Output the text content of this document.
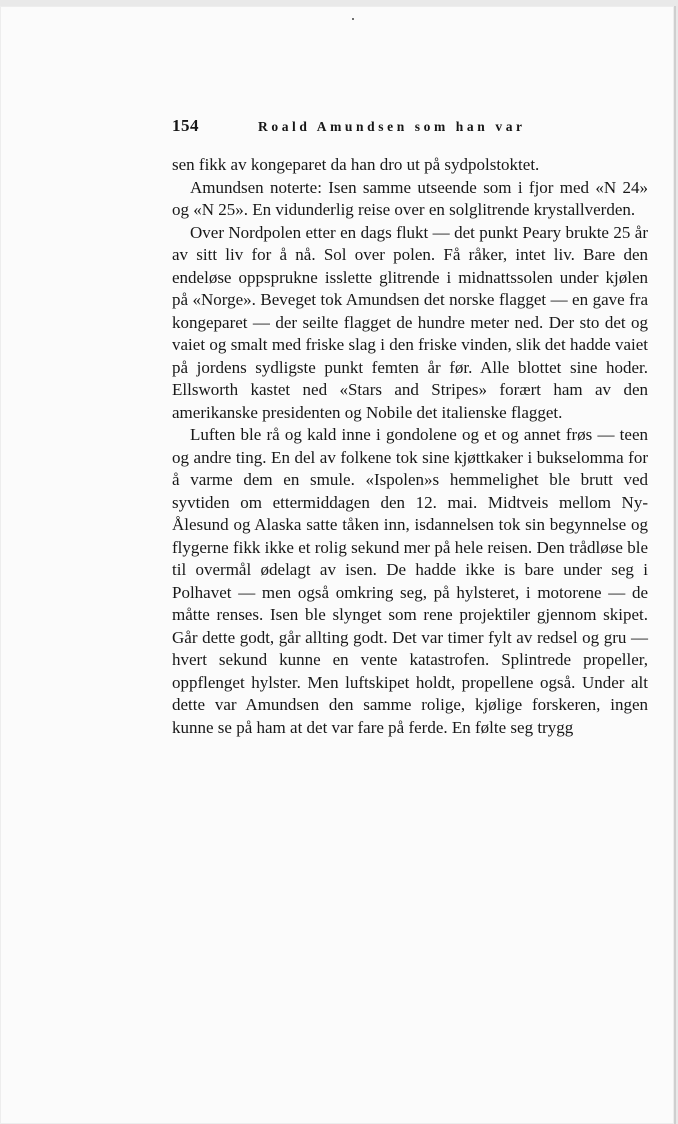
154	Roald Amundsen som han var

sen fikk av kongeparet da han dro ut på sydpolstoktet.

Amundsen noterte: Isen samme utseende som i fjor med «N 24» og «N 25». En vidunderlig reise over en solglitrende krystallverden.

Over Nordpolen etter en dags flukt — det punkt Peary brukte 25 år av sitt liv for å nå. Sol over polen. Få råker, intet liv. Bare den endeløse oppsprukne isslette glitrende i midnattssolen under kjølen på «Norge». Beveget tok Amundsen det norske flagget — en gave fra kongeparet — der seilte flagget de hundre meter ned. Der sto det og vaiet og smalt med friske slag i den friske vinden, slik det hadde vaiet på jordens sydligste punkt femten år før. Alle blottet sine hoder. Ellsworth kastet ned «Stars and Stripes» forært ham av den amerikanske presidenten og Nobile det italienske flagget.

Luften ble rå og kald inne i gondolene og et og annet frøs — teen og andre ting. En del av folkene tok sine kjøttkaker i bukselomma for å varme dem en smule. «Ispolen»s hemmelighet ble brutt ved syvtiden om ettermiddagen den 12. mai. Midtveis mellom Ny-Ålesund og Alaska satte tåken inn, isdannelsen tok sin begynnelse og flygerne fikk ikke et rolig sekund mer på hele reisen. Den trådløse ble til overmål ødelagt av isen. De hadde ikke is bare under seg i Polhavet — men også omkring seg, på hylsteret, i motorene — de måtte renses. Isen ble slynget som rene projektiler gjennom skipet. Går dette godt, går allting godt. Det var timer fylt av redsel og gru — hvert sekund kunne en vente katastrofen. Splintrede propeller, oppflenget hylster. Men luftskipet holdt, propellene også. Under alt dette var Amundsen den samme rolige, kjølige forskeren, ingen kunne se på ham at det var fare på ferde. En følte seg trygg
